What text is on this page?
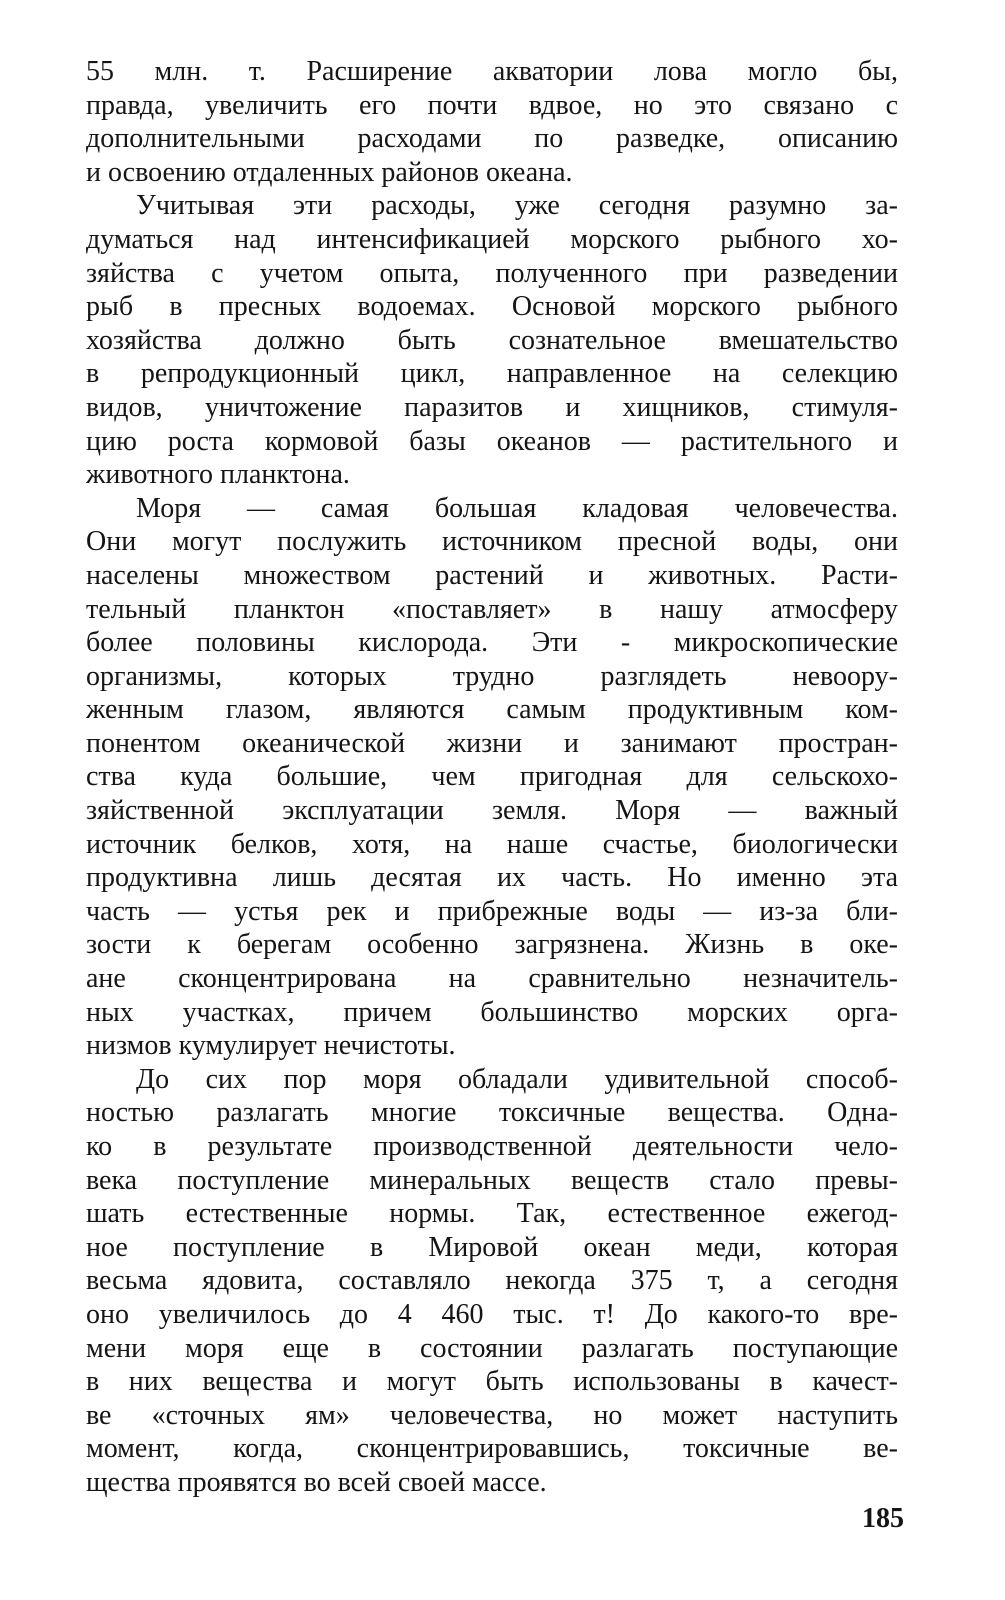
55 млн. т. Расширение акватории лова могло бы,
правда, увеличить его почти вдвое, но это связано с
дополнительными расходами по разведке, описанию
и освоению отдаленных районов океана.
Учитывая эти расходы, уже сегодня разумно за-
думаться над интенсификацией морского рыбного хо-
зяйства с учетом опыта, полученного при разведении
рыб в пресных водоемах. Основой морского рыбного
хозяйства должно быть сознательное вмешательство
в репродукционный цикл, направленное на селекцию
видов, уничтожение паразитов и хищников, стимуля-
цию роста кормовой базы океанов — растительного и
животного планктона.
Моря — самая большая кладовая человечества.
Они могут послужить источником пресной воды, они
населены множеством растений и животных. Расти-
тельный планктон «поставляет» в нашу атмосферу
более половины кислорода. Эти - микроскопические
организмы, которых трудно разглядеть невоору-
женным глазом, являются самым продуктивным ком-
понентом океанической жизни и занимают простран-
ства куда большие, чем пригодная для сельскохо-
зяйственной эксплуатации земля. Моря — важный
источник белков, хотя, на наше счастье, биологически
продуктивна лишь десятая их часть. Но именно эта
часть — устья рек и прибрежные воды — из-за бли-
зости к берегам особенно загрязнена. Жизнь в оке-
ане сконцентрирована на сравнительно незначитель-
ных участках, причем большинство морских орга-
низмов кумулирует нечистоты.
До сих пор моря обладали удивительной способ-
ностью разлагать многие токсичные вещества. Одна-
ко в результате производственной деятельности чело-
века поступление минеральных веществ стало превы-
шать естественные нормы. Так, естественное ежегод-
ное поступление в Мировой океан меди, которая
весьма ядовита, составляло некогда 375 т, а сегодня
оно увеличилось до 4 460 тыс. т! До какого-то вре-
мени моря еще в состоянии разлагать поступающие
в них вещества и могут быть использованы в качест-
ве «сточных ям» человечества, но может наступить
момент, когда, сконцентрировавшись, токсичные ве-
щества проявятся во всей своей массе.
185
